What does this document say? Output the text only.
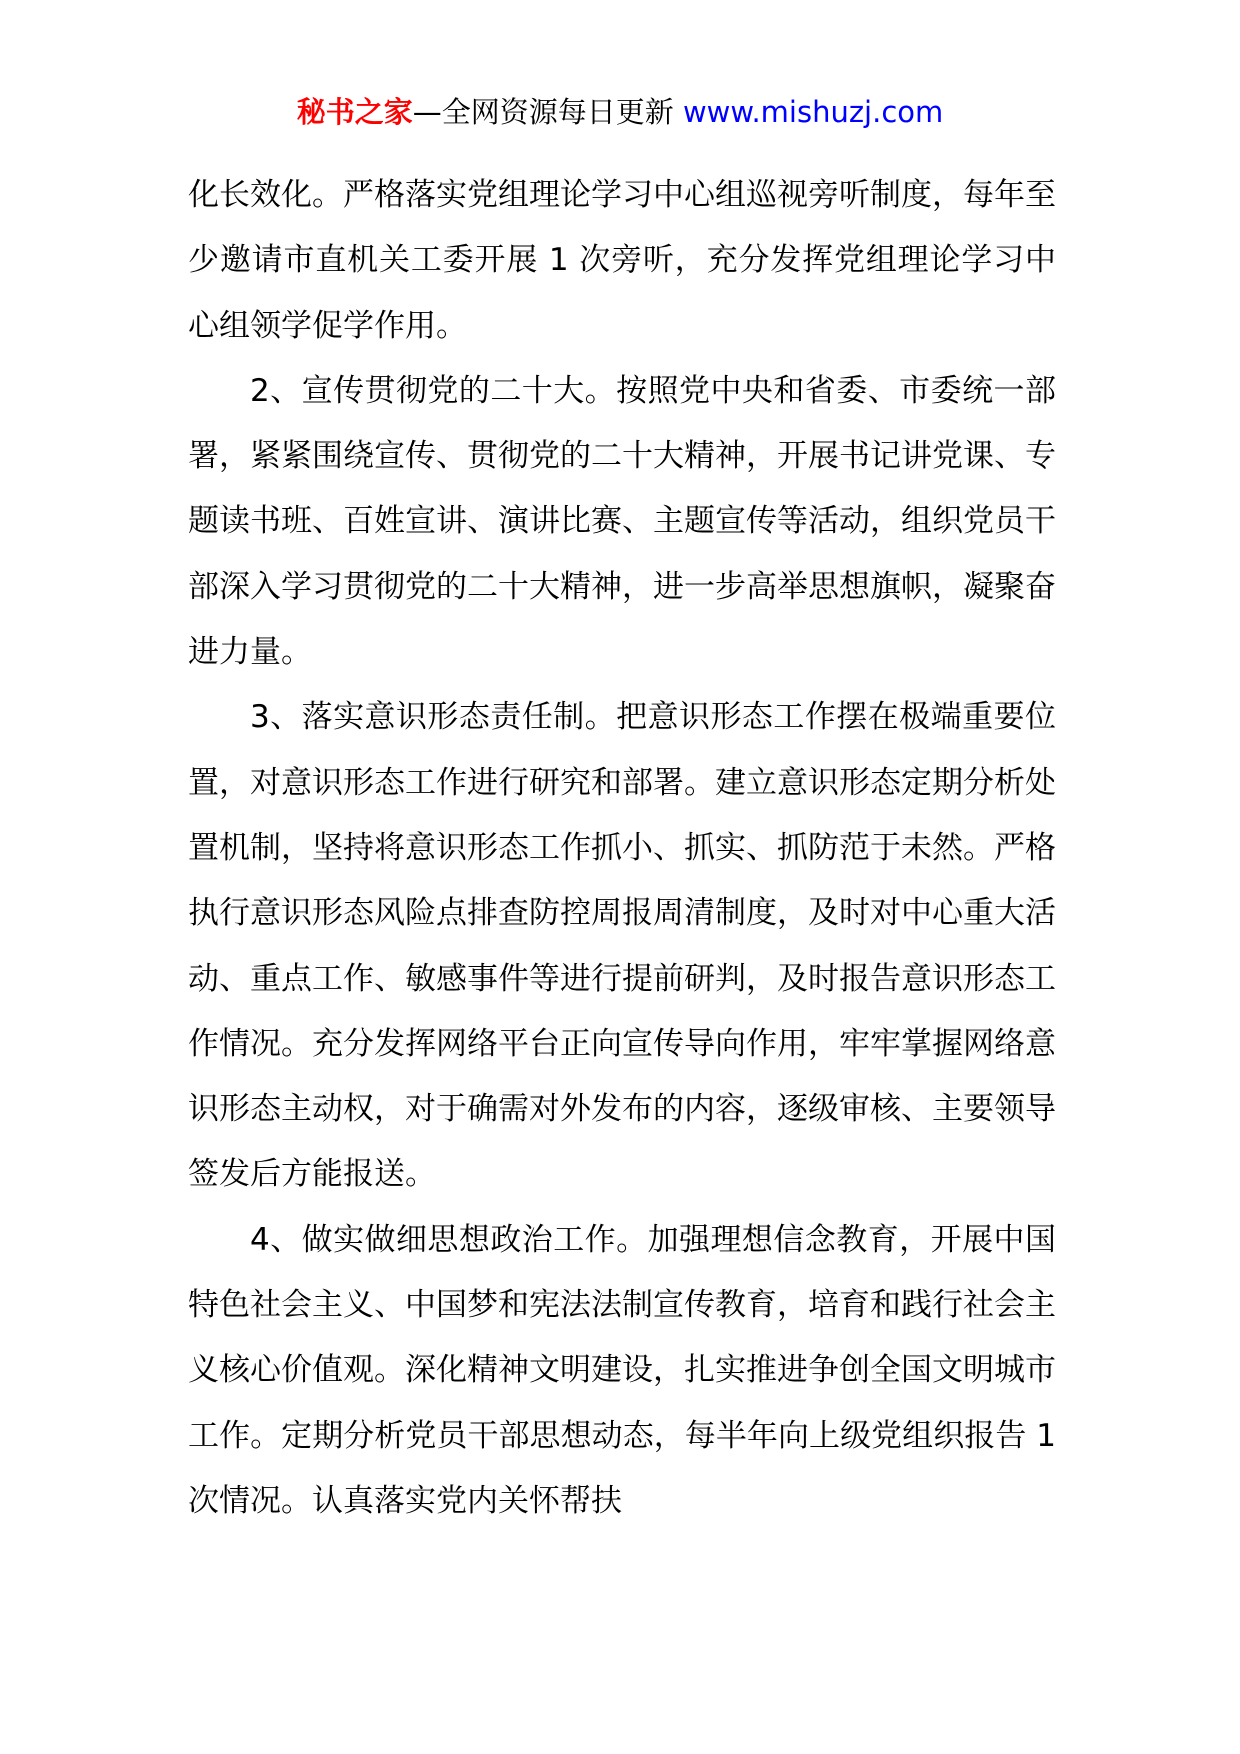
秘书之家—全网资源每日更新 www.mishuzj.com

化长效化。严格落实党组理论学习中心组巡视旁听制度，每年至少邀请市直机关工委开展 1 次旁听，充分发挥党组理论学习中心组领学促学作用。

2、宣传贯彻党的二十大。按照党中央和省委、市委统一部署，紧紧围绕宣传、贯彻党的二十大精神，开展书记讲党课、专题读书班、百姓宣讲、演讲比赛、主题宣传等活动，组织党员干部深入学习贯彻党的二十大精神，进一步高举思想旗帜，凝聚奋进力量。

3、落实意识形态责任制。把意识形态工作摆在极端重要位置，对意识形态工作进行研究和部署。建立意识形态定期分析处置机制，坚持将意识形态工作抓小、抓实、抓防范于未然。严格执行意识形态风险点排查防控周报周清制度，及时对中心重大活动、重点工作、敏感事件等进行提前研判，及时报告意识形态工作情况。充分发挥网络平台正向宣传导向作用，牢牢掌握网络意识形态主动权，对于确需对外发布的内容，逐级审核、主要领导签发后方能报送。

4、做实做细思想政治工作。加强理想信念教育，开展中国特色社会主义、中国梦和宪法法制宣传教育，培育和践行社会主义核心价值观。深化精神文明建设，扎实推进争创全国文明城市工作。定期分析党员干部思想动态，每半年向上级党组织报告 1 次情况。认真落实党内关怀帮扶
